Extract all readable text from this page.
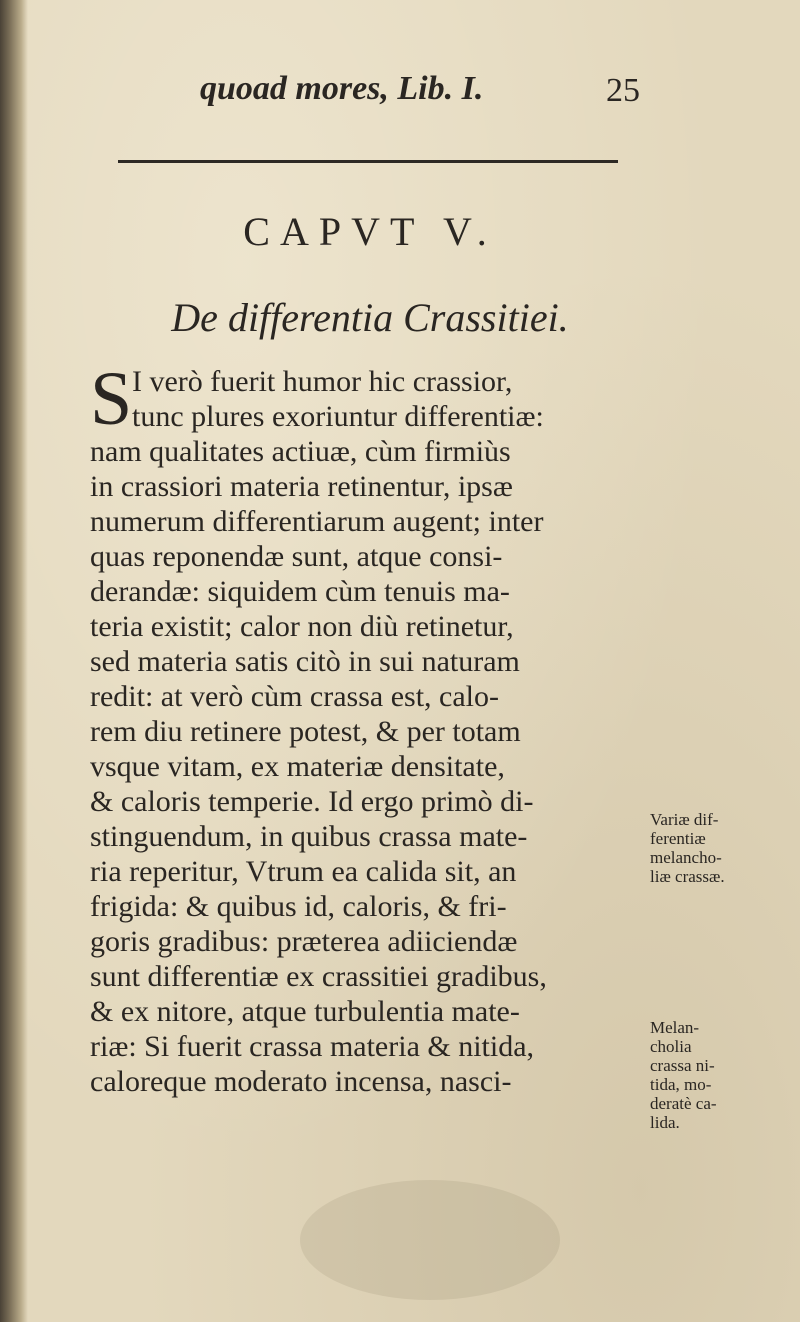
quoad mores, Lib. I.	25
CAPVT V.
De differentia Crassitiei.
S I verò fuerit humor hic crassior,
tunc plures exoriuntur differentiæ:
nam qualitates actiuæ, cùm firmiùs
in crassiori materia retinentur, ipsæ
numerum differentiarum augent; inter
quas reponendæ sunt, atque consi-
derandæ: siquidem cùm tenuis ma-
teria existit; calor non diù retinetur,
sed materia satis citò in sui naturam
redit: at verò cùm crassa est, calo-
rem diu retinere potest, & per totam
vsque vitam, ex materiæ densitate,
& caloris temperie. Id ergo primò di-
stinguendum, in quibus crassa mate-
ria reperitur, Vtrum ea calida sit, an
frigida: & quibus id, caloris, & fri-
goris gradibus: præterea adiiciendæ
sunt differentiæ ex crassitiei gradibus,
& ex nitore, atque turbulentia mate-
riæ: Si fuerit crassa materia & nitida,
caloreque moderato incensa, nasci-
Variæ dif-
ferentiæ
melancho-
liæ crassæ.
Melan-
cholia
crassa ni-
tida, mo-
deratè ca-
lida.
